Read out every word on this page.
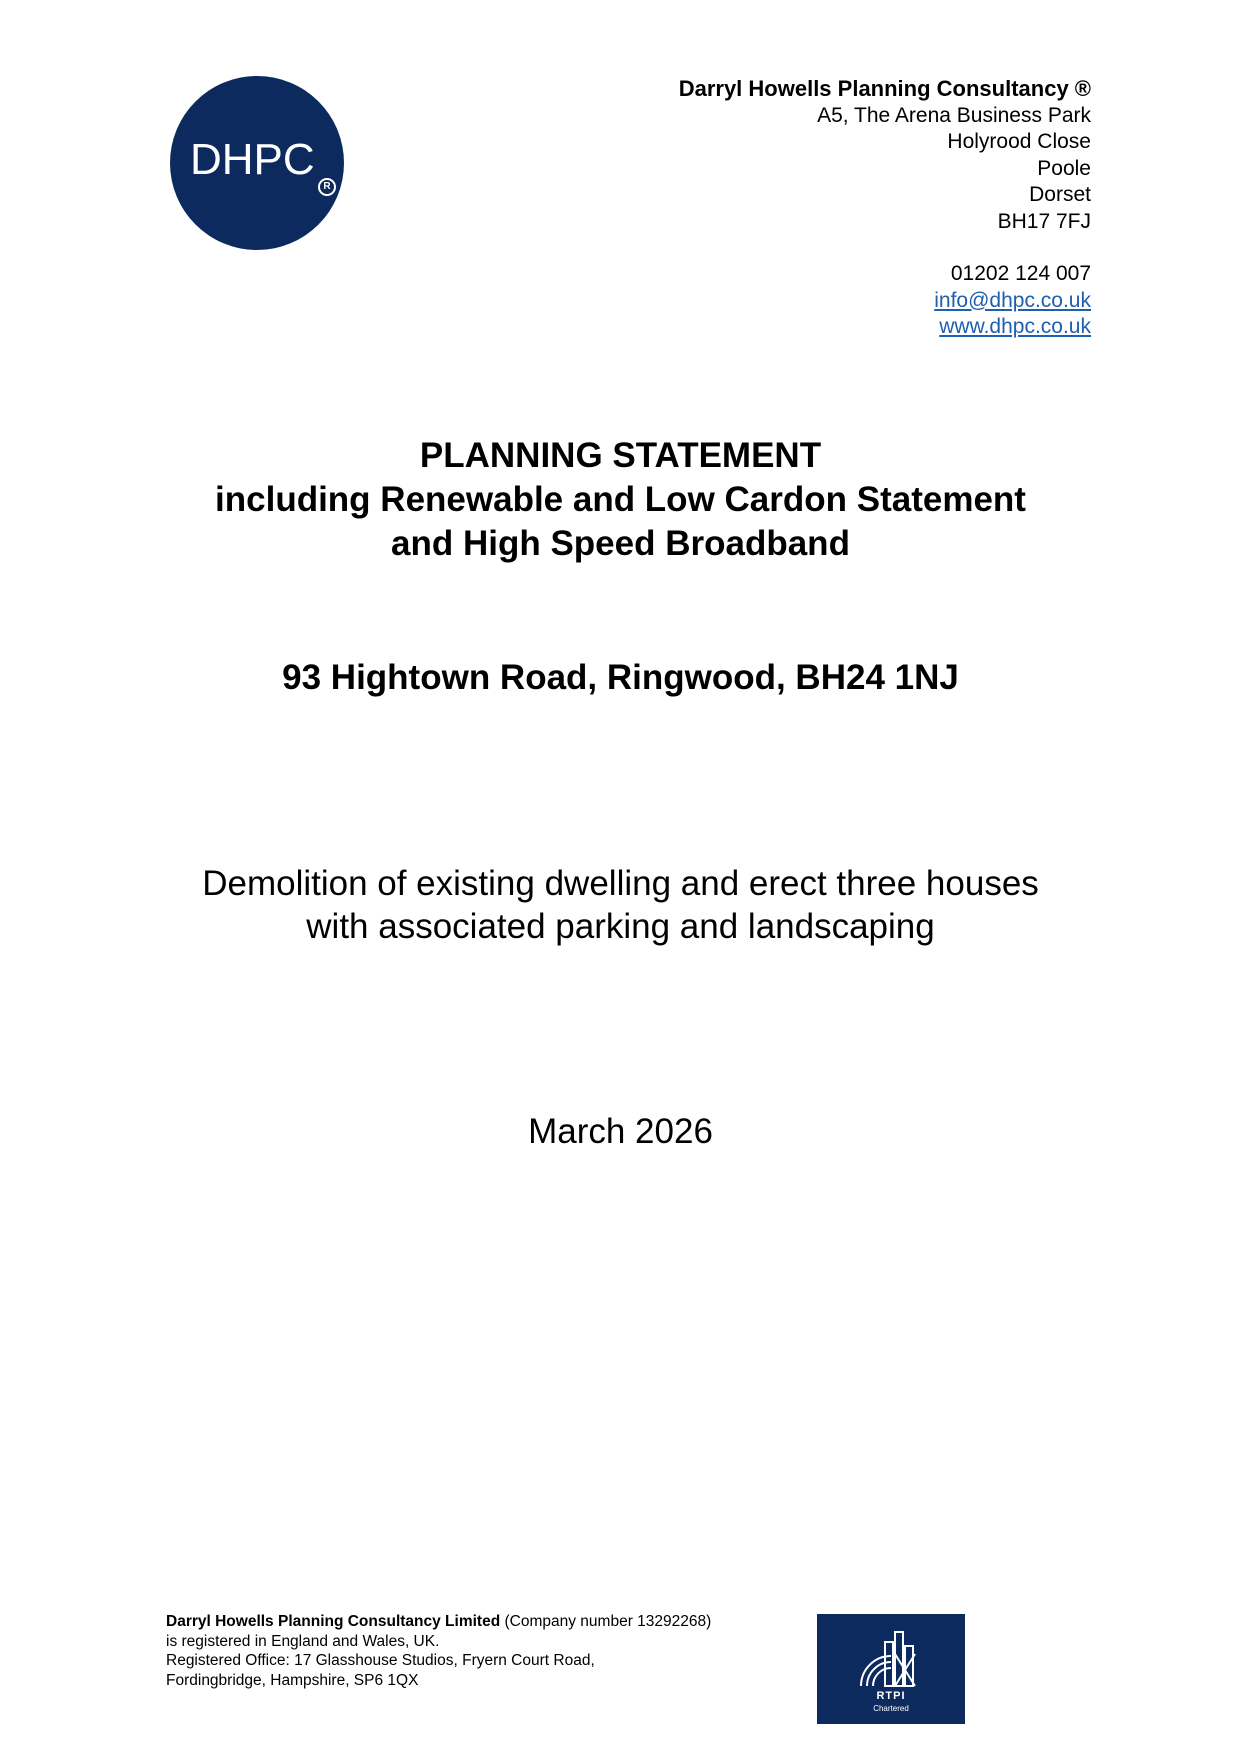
DHPC
R
Darryl Howells Planning Consultancy ®
A5, The Arena Business Park
Holyrood Close
Poole
Dorset
BH17 7FJ
01202 124 007
info@dhpc.co.uk
www.dhpc.co.uk
PLANNING STATEMENT
including Renewable and Low Cardon Statement
and High Speed Broadband
93 Hightown Road, Ringwood, BH24 1NJ
Demolition of existing dwelling and erect three houses
with associated parking and landscaping
March 2026
Darryl Howells Planning Consultancy Limited (Company number 13292268)
is registered in England and Wales, UK.
Registered Office: 17 Glasshouse Studios, Fryern Court Road,
Fordingbridge, Hampshire, SP6 1QX
RTPI
Chartered
